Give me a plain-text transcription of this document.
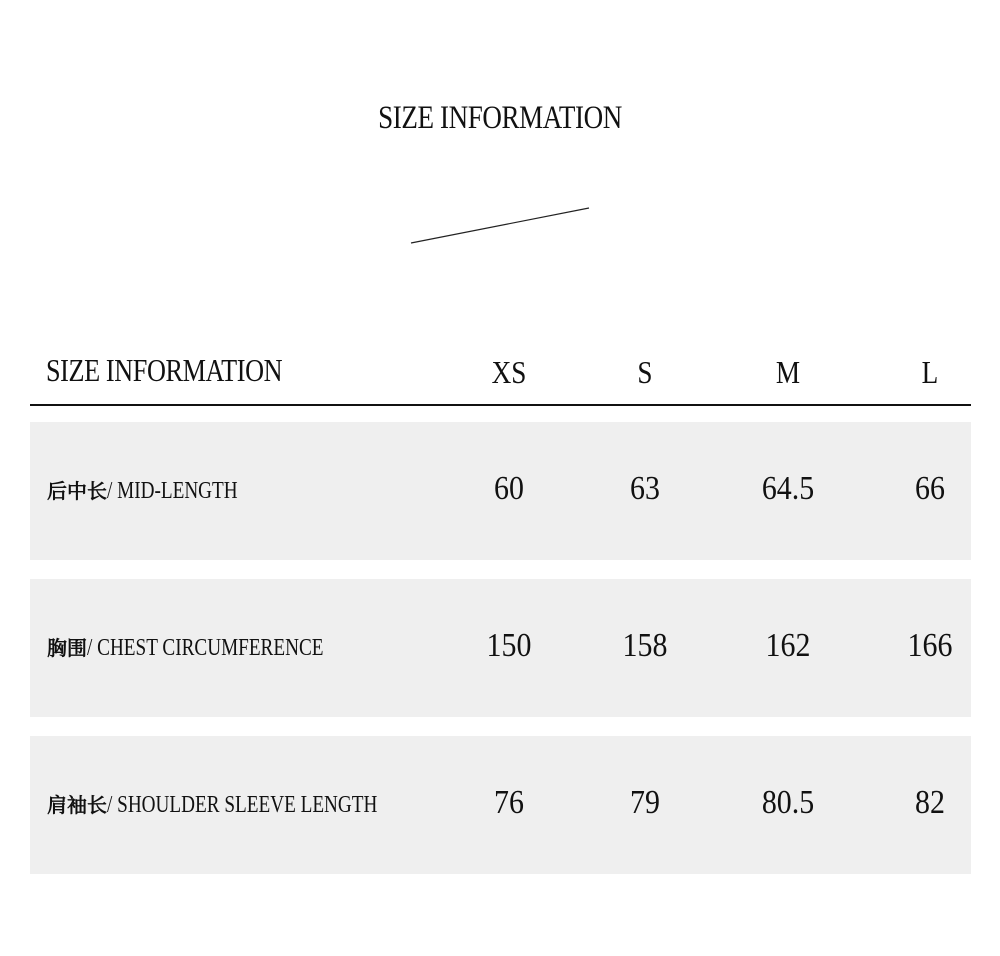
SIZE INFORMATION
SIZE INFORMATION	XS	S	M	L
后中长/ MID-LENGTH	60	63	64.5	66
胸围/ CHEST CIRCUMFERENCE	150	158	162	166
肩袖长/ SHOULDER SLEEVE LENGTH	76	79	80.5	82
